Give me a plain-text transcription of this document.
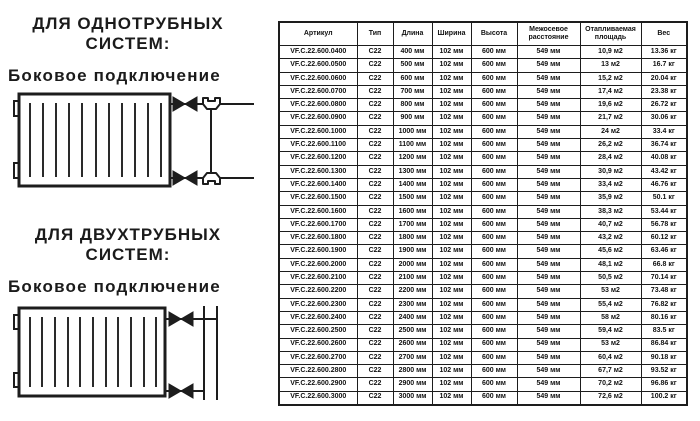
ДЛЯ ОДНОТРУБНЫХ СИСТЕМ:
Боковое подключение
ДЛЯ ДВУХТРУБНЫХ СИСТЕМ:
Боковое подключение
Артикул	Тип	Длина	Ширина	Высота	Межосевое расстояние	Отапливаемая площадь	Вес
VF.C.22.600.0400	C22	400 мм	102 мм	600 мм	549 мм	10,9 м2	13.36 кг
VF.C.22.600.0500	C22	500 мм	102 мм	600 мм	549 мм	13 м2	16.7 кг
VF.C.22.600.0600	C22	600 мм	102 мм	600 мм	549 мм	15,2 м2	20.04 кг
VF.C.22.600.0700	C22	700 мм	102 мм	600 мм	549 мм	17,4 м2	23.38 кг
VF.C.22.600.0800	C22	800 мм	102 мм	600 мм	549 мм	19,6 м2	26.72 кг
VF.C.22.600.0900	C22	900 мм	102 мм	600 мм	549 мм	21,7 м2	30.06 кг
VF.C.22.600.1000	C22	1000 мм	102 мм	600 мм	549 мм	24 м2	33.4 кг
VF.C.22.600.1100	C22	1100 мм	102 мм	600 мм	549 мм	26,2 м2	36.74 кг
VF.C.22.600.1200	C22	1200 мм	102 мм	600 мм	549 мм	28,4 м2	40.08 кг
VF.C.22.600.1300	C22	1300 мм	102 мм	600 мм	549 мм	30,9 м2	43.42 кг
VF.C.22.600.1400	C22	1400 мм	102 мм	600 мм	549 мм	33,4 м2	46.76 кг
VF.C.22.600.1500	C22	1500 мм	102 мм	600 мм	549 мм	35,9 м2	50.1 кг
VF.C.22.600.1600	C22	1600 мм	102 мм	600 мм	549 мм	38,3 м2	53.44 кг
VF.C.22.600.1700	C22	1700 мм	102 мм	600 мм	549 мм	40,7 м2	56.78 кг
VF.C.22.600.1800	C22	1800 мм	102 мм	600 мм	549 мм	43,2 м2	60.12 кг
VF.C.22.600.1900	C22	1900 мм	102 мм	600 мм	549 мм	45,6 м2	63.46 кг
VF.C.22.600.2000	C22	2000 мм	102 мм	600 мм	549 мм	48,1 м2	66.8 кг
VF.C.22.600.2100	C22	2100 мм	102 мм	600 мм	549 мм	50,5 м2	70.14 кг
VF.C.22.600.2200	C22	2200 мм	102 мм	600 мм	549 мм	53 м2	73.48 кг
VF.C.22.600.2300	C22	2300 мм	102 мм	600 мм	549 мм	55,4 м2	76.82 кг
VF.C.22.600.2400	C22	2400 мм	102 мм	600 мм	549 мм	58 м2	80.16 кг
VF.C.22.600.2500	C22	2500 мм	102 мм	600 мм	549 мм	59,4 м2	83.5 кг
VF.C.22.600.2600	C22	2600 мм	102 мм	600 мм	549 мм	53 м2	86.84 кг
VF.C.22.600.2700	C22	2700 мм	102 мм	600 мм	549 мм	60,4 м2	90.18 кг
VF.C.22.600.2800	C22	2800 мм	102 мм	600 мм	549 мм	67,7 м2	93.52 кг
VF.C.22.600.2900	C22	2900 мм	102 мм	600 мм	549 мм	70,2 м2	96.86 кг
VF.C.22.600.3000	C22	3000 мм	102 мм	600 мм	549 мм	72,6 м2	100.2 кг
